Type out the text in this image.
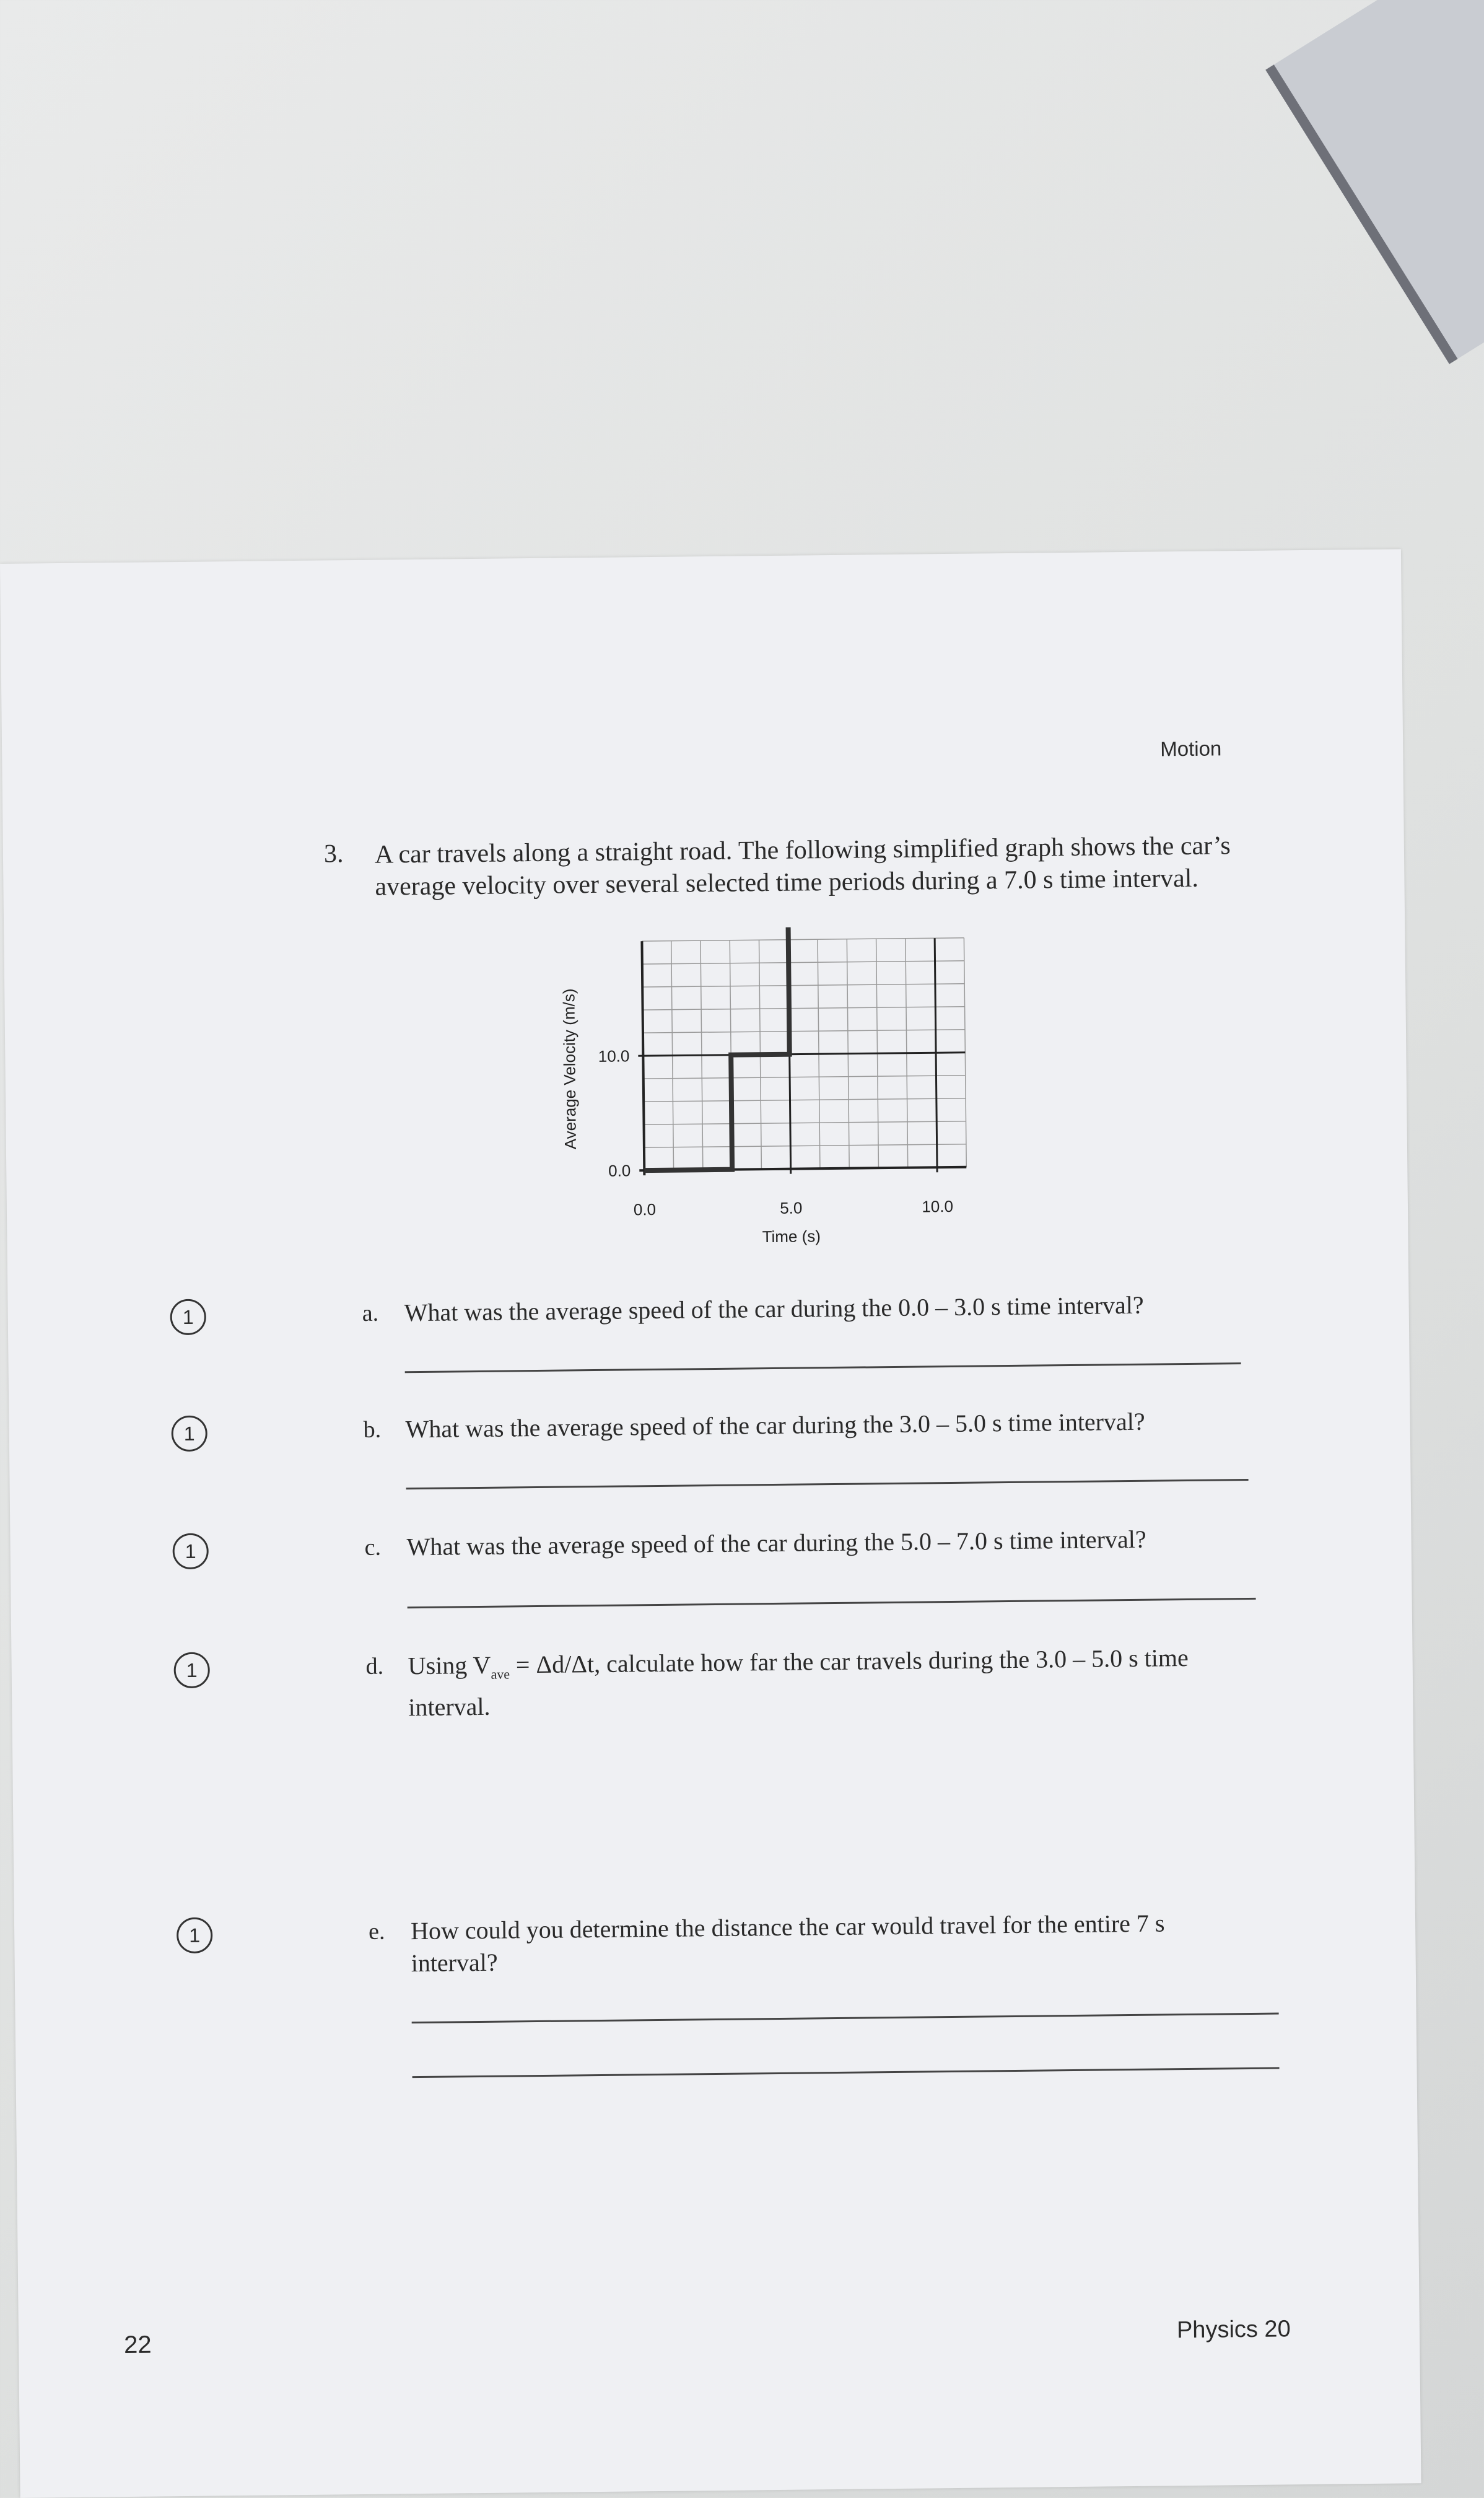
Motion
3. A car travels along a straight road. The following simplified graph shows the car’s average velocity over several selected time periods during a 7.0 s time interval.
0.0
10.0
0.0	5.0	10.0
Time (s)
Average Velocity (m/s)
1	a. What was the average speed of the car during the 0.0 – 3.0 s time interval?
1	b. What was the average speed of the car during the 3.0 – 5.0 s time interval?
1	c. What was the average speed of the car during the 5.0 – 7.0 s time interval?
1	d. Using $V_{ave} = \Delta d/\Delta t$, calculate how far the car travels during the 3.0 – 5.0 s time interval.
1	e. How could you determine the distance the car would travel for the entire 7 s interval?
22
Physics 20
